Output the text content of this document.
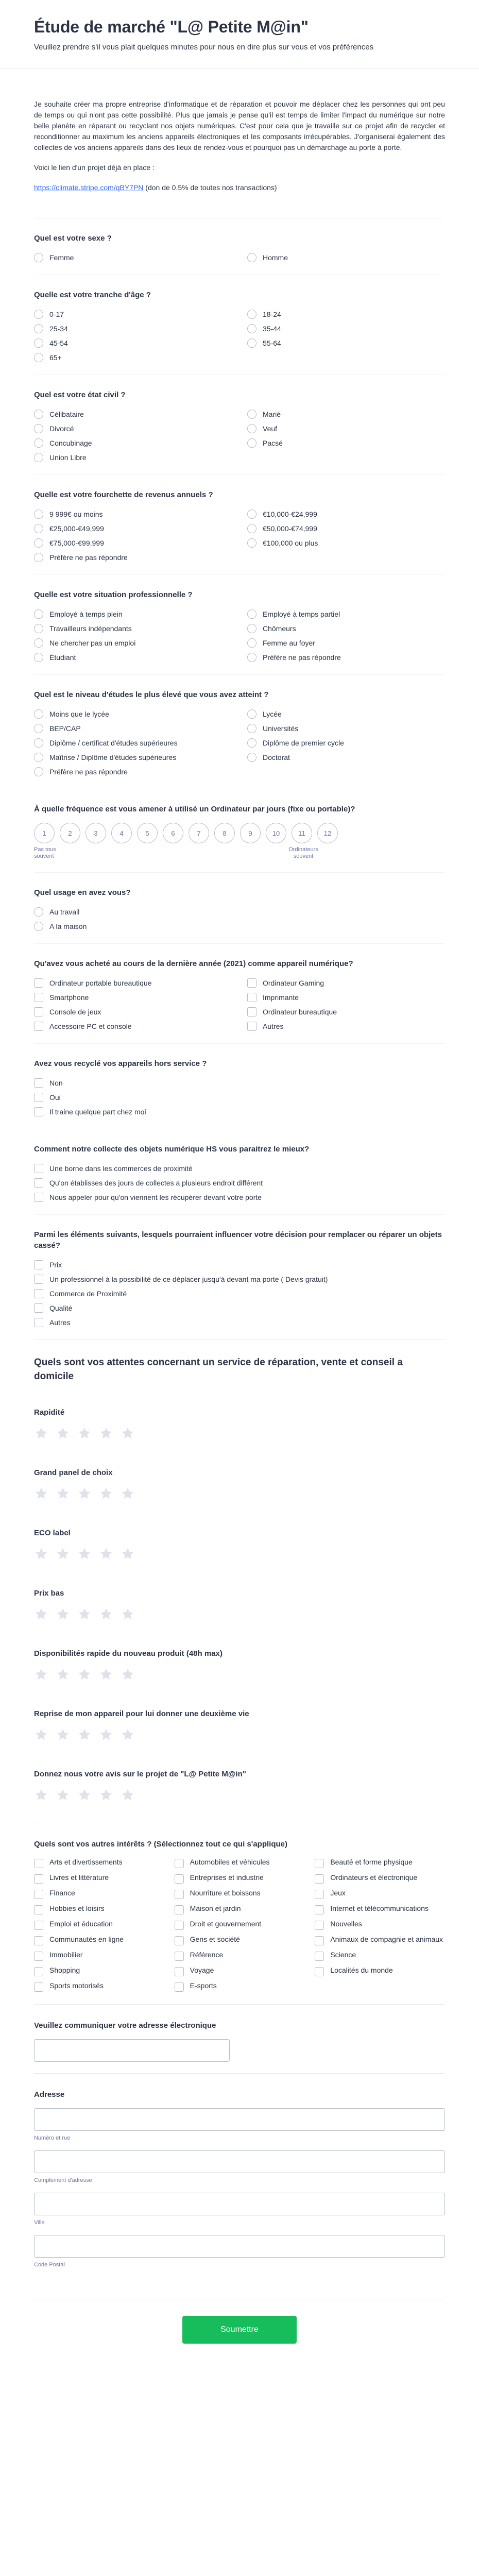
Étude de marché "L@ Petite M@in"

Veuillez prendre s'il vous plait quelques minutes pour nous en dire plus sur vous et vos préférences

Je souhaite créer ma propre entreprise d'informatique et de réparation et pouvoir me déplacer chez les personnes qui ont peu de temps ou qui n'ont pas cette possibilité. Plus que jamais je pense qu'il est temps de limiter l'impact du numérique sur notre belle planète en réparant ou recyclant nos objets numériques. C'est pour cela que je travaille sur ce projet afin de recycler et reconditionner au maximum les anciens appareils électroniques et les composants irrécupérables. J'organiserai également des collectes de vos anciens appareils dans des lieux de rendez-vous et pourquoi pas un démarchage au porte à porte.

Voici le lien d'un projet déjà en place :

https://climate.stripe.com/qBY7PN (don de 0.5% de toutes nos transactions)

Quel est votre sexe ?
Femme	Homme
Quelle est votre tranche d'âge ?
0-17	18-24
25-34	35-44
45-54	55-64
65+
Quel est votre état civil ?
Célibataire	Marié
Divorcé	Veuf
Concubinage	Pacsé
Union Libre
Quelle est votre fourchette de revenus annuels ?
9 999€ ou moins	€10,000-€24,999
€25,000-€49,999	€50,000-€74,999
€75,000-€99,999	€100,000 ou plus
Préfère ne pas répondre
Quelle est votre situation professionnelle ?
Employé à temps plein	Employé à temps partiel
Travailleurs indépendants	Chômeurs
Ne chercher pas un emploi	Femme au foyer
Étudiant	Préfère ne pas répondre
Quel est le niveau d'études le plus élevé que vous avez atteint ?
Moins que le lycée	Lycée
BEP/CAP	Universités
Diplôme / certificat d'études supérieures	Diplôme de premier cycle
Maîtrise / Diplôme d'études supérieures	Doctorat
Préfère ne pas répondre
À quelle fréquence est vous amener à utilisé un Ordinateur par jours (fixe ou portable)?
1	2	3	4	5	6	7	8	9	10	11	12
Pas tous souvent
Ordinateurs souvent
Quel usage en avez vous?
Au travail
A la maison
Qu'avez vous acheté au cours de la dernière année (2021) comme appareil numérique?
Ordinateur portable bureautique	Ordinateur Gaming
Smartphone	Imprimante
Console de jeux	Ordinateur bureautique
Accessoire PC et console	Autres
Avez vous recyclé vos appareils hors service ?
Non
Oui
Il traine quelque part chez moi
Comment notre collecte des objets numérique HS vous paraitrez le mieux?
Une borne dans les commerces de proximité
Qu'on établisses des jours de collectes a plusieurs endroit différent
Nous appeler pour qu'on viennent les récupérer devant votre porte
Parmi les éléments suivants, lesquels pourraient influencer votre décision pour remplacer ou réparer un objets cassé?
Prix
Un professionnel à la possibilité de ce déplacer jusqu'à devant ma porte ( Devis gratuit)
Commerce de Proximité
Qualité
Autres
Quels sont vos attentes concernant un service de réparation, vente et conseil a domicile
Rapidité
Grand panel de choix
ECO label
Prix bas
Disponibilités rapide du nouveau produit (48h max)
Reprise de mon appareil pour lui donner une deuxième vie
Donnez nous votre avis sur le projet de "L@ Petite M@in"
Quels sont vos autres intérêts ? (Sélectionnez tout ce qui s'applique)
Arts et divertissements	Automobiles et véhicules	Beauté et forme physique
Livres et littérature	Entreprises et industrie	Ordinateurs et électronique
Finance	Nourriture et boissons	Jeux
Hobbies et loisirs	Maison et jardin	Internet et télécommunications
Emploi et éducation	Droit et gouvernement	Nouvelles
Communautés en ligne	Gens et société	Animaux de compagnie et animaux
Immobilier	Référence	Science
Shopping	Voyage	Localités du monde
Sports motorisés	E-sports
Veuillez communiquer votre adresse électronique
Adresse
Numéro et rue
Complément d'adresse
Ville
Code Postal
Soumettre
